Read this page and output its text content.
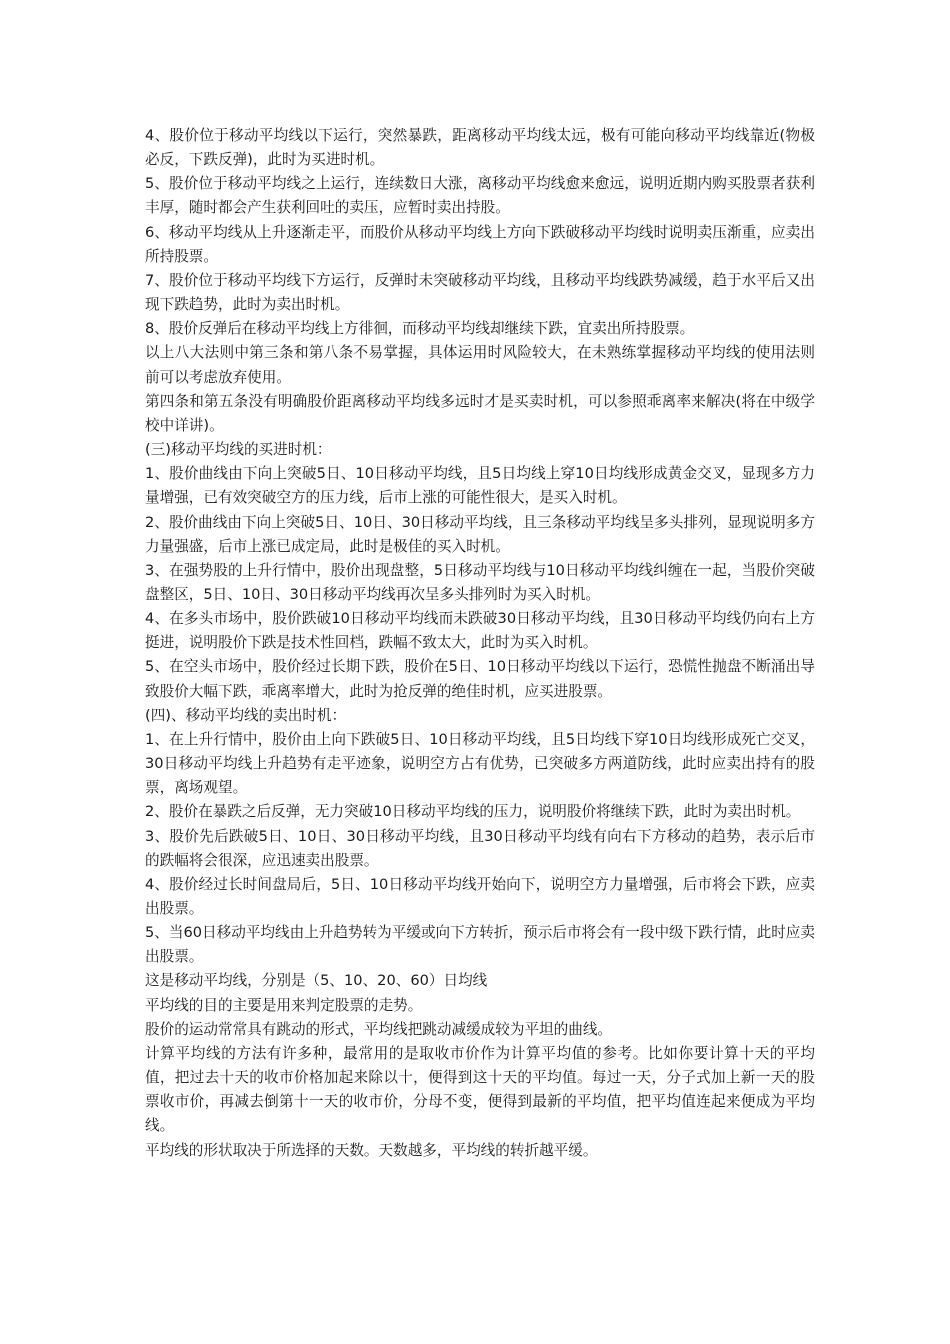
4、股价位于移动平均线以下运行，突然暴跌，距离移动平均线太远，极有可能向移动平均线靠近(物极必反，下跌反弹)，此时为买进时机。

5、股价位于移动平均线之上运行，连续数日大涨，离移动平均线愈来愈远，说明近期内购买股票者获利丰厚，随时都会产生获利回吐的卖压，应暂时卖出持股。

6、移动平均线从上升逐渐走平，而股价从移动平均线上方向下跌破移动平均线时说明卖压渐重，应卖出所持股票。

7、股价位于移动平均线下方运行，反弹时未突破移动平均线，且移动平均线跌势减缓，趋于水平后又出现下跌趋势，此时为卖出时机。

8、股价反弹后在移动平均线上方徘徊，而移动平均线却继续下跌，宜卖出所持股票。

以上八大法则中第三条和第八条不易掌握，具体运用时风险较大，在未熟练掌握移动平均线的使用法则前可以考虑放弃使用。

第四条和第五条没有明确股价距离移动平均线多远时才是买卖时机，可以参照乖离率来解决(将在中级学校中详讲)。

(三)移动平均线的买进时机：

1、股价曲线由下向上突破5日、10日移动平均线，且5日均线上穿10日均线形成黄金交叉，显现多方力量增强，已有效突破空方的压力线，后市上涨的可能性很大，是买入时机。

2、股价曲线由下向上突破5日、10日、30日移动平均线，且三条移动平均线呈多头排列，显现说明多方力量强盛，后市上涨已成定局，此时是极佳的买入时机。

3、在强势股的上升行情中，股价出现盘整，5日移动平均线与10日移动平均线纠缠在一起，当股价突破盘整区，5日、10日、30日移动平均线再次呈多头排列时为买入时机。

4、在多头市场中，股价跌破10日移动平均线而未跌破30日移动平均线，且30日移动平均线仍向右上方挺进，说明股价下跌是技术性回档，跌幅不致太大，此时为买入时机。

5、在空头市场中，股价经过长期下跌，股价在5日、10日移动平均线以下运行，恐慌性抛盘不断涌出导致股价大幅下跌，乖离率增大，此时为抢反弹的绝佳时机，应买进股票。

(四)、移动平均线的卖出时机：

1、在上升行情中，股价由上向下跌破5日、10日移动平均线，且5日均线下穿10日均线形成死亡交叉，30日移动平均线上升趋势有走平迹象，说明空方占有优势，已突破多方两道防线，此时应卖出持有的股票，离场观望。

2、股价在暴跌之后反弹，无力突破10日移动平均线的压力，说明股价将继续下跌，此时为卖出时机。

3、股价先后跌破5日、10日、30日移动平均线，且30日移动平均线有向右下方移动的趋势，表示后市的跌幅将会很深，应迅速卖出股票。

4、股价经过长时间盘局后，5日、10日移动平均线开始向下，说明空方力量增强，后市将会下跌，应卖出股票。

5、当60日移动平均线由上升趋势转为平缓或向下方转折，预示后市将会有一段中级下跌行情，此时应卖出股票。

这是移动平均线，分别是（5、10、20、60）日均线

平均线的目的主要是用来判定股票的走势。

股价的运动常常具有跳动的形式，平均线把跳动减缓成较为平坦的曲线。

计算平均线的方法有许多种，最常用的是取收市价作为计算平均值的参考。比如你要计算十天的平均值，把过去十天的收市价格加起来除以十，便得到这十天的平均值。每过一天，分子式加上新一天的股票收市价，再减去倒第十一天的收市价，分母不变，便得到最新的平均值，把平均值连起来便成为平均线。

平均线的形状取决于所选择的天数。天数越多，平均线的转折越平缓。
